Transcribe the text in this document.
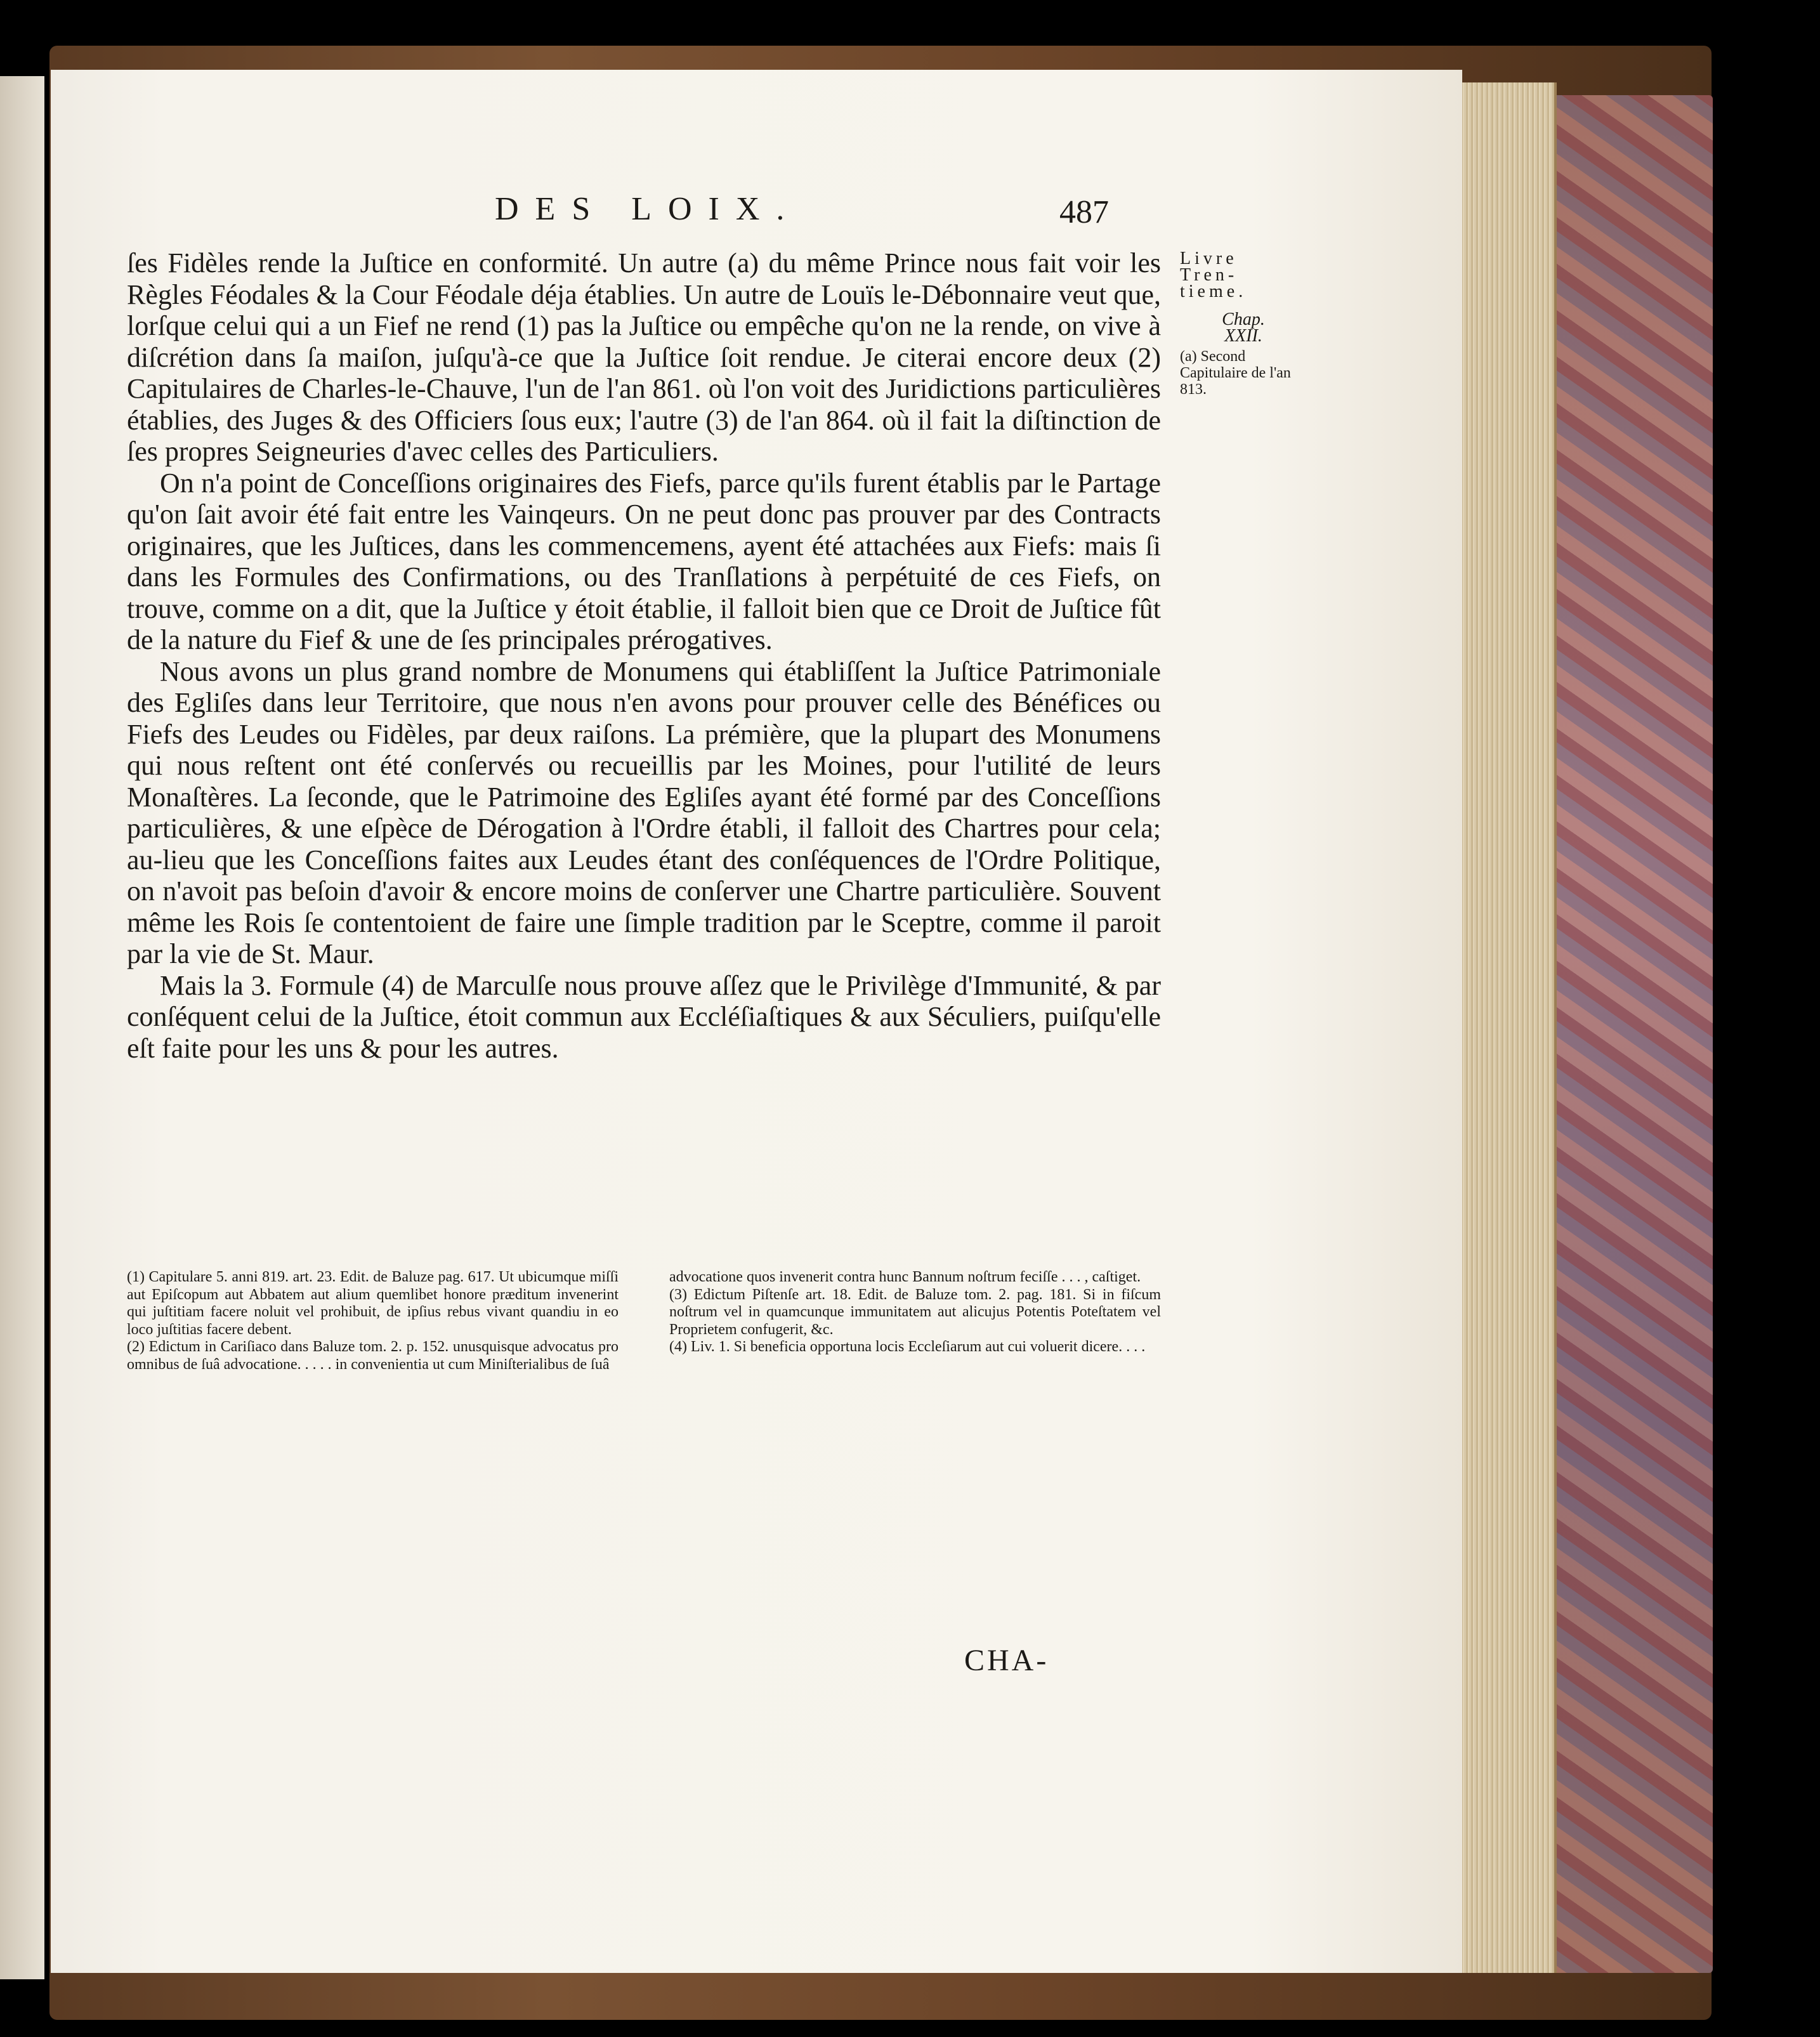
DES LOIX.	487

ſes Fidèles rende la Juſtice en conformité. Un autre (a) du même Prince nous fait voir les Règles Féodales & la Cour Féodale déja établies. Un autre de Louïs le-Débonnaire veut que, lorſque celui qui a un Fief ne rend (1) pas la Juſtice ou empêche qu'on ne la rende, on vive à diſcrétion dans ſa maiſon, juſqu'à-ce que la Juſtice ſoit rendue. Je citerai encore deux (2) Capitulaires de Charles-le-Chauve, l'un de l'an 861. où l'on voit des Juridictions particulières établies, des Juges & des Officiers ſous eux; l'autre (3) de l'an 864. où il fait la diſtinction de ſes propres Seigneuries d'avec celles des Particuliers.

On n'a point de Conceſſions originaires des Fiefs, parce qu'ils furent établis par le Partage qu'on ſait avoir été fait entre les Vainqeurs. On ne peut donc pas prouver par des Contracts originaires, que les Juſtices, dans les commencemens, ayent été attachées aux Fiefs: mais ſi dans les Formules des Confirmations, ou des Tranſlations à perpétuité de ces Fiefs, on trouve, comme on a dit, que la Juſtice y étoit établie, il falloit bien que ce Droit de Juſtice fût de la nature du Fief & une de ſes principales prérogatives.

Nous avons un plus grand nombre de Monumens qui établiſſent la Juſtice Patrimoniale des Egliſes dans leur Territoire, que nous n'en avons pour prouver celle des Bénéfices ou Fiefs des Leudes ou Fidèles, par deux raiſons. La prémière, que la plupart des Monumens qui nous reſtent ont été conſervés ou recueillis par les Moines, pour l'utilité de leurs Monaſtères. La ſeconde, que le Patrimoine des Egliſes ayant été formé par des Conceſſions particulières, & une eſpèce de Dérogation à l'Ordre établi, il falloit des Chartres pour cela; au-lieu que les Conceſſions faites aux Leudes étant des conſéquences de l'Ordre Politique, on n'avoit pas beſoin d'avoir & encore moins de conſerver une Chartre particulière. Souvent même les Rois ſe contentoient de faire une ſimple tradition par le Sceptre, comme il paroit par la vie de St. Maur.

Mais la 3. Formule (4) de Marculſe nous prouve aſſez que le Privilège d'Immunité, & par conſéquent celui de la Juſtice, étoit commun aux Eccléſiaſtiques & aux Séculiers, puiſqu'elle eſt faite pour les uns & pour les autres.

Livre
Tren-
tieme.
Chap.
XXII.
(a) Second Capitulaire de l'an 813.

(1) Capitulare 5. anni 819. art. 23. Edit. de Baluze pag. 617. Ut ubicumque miſſi aut Epiſcopum aut Abbatem aut alium quemlibet honore præditum invenerint qui juſtitiam facere noluit vel prohibuit, de ipſius rebus vivant quandiu in eo loco juſtitias facere debent.

(2) Edictum in Cariſiaco dans Baluze tom. 2. p. 152. unusquisque advocatus pro omnibus de ſuâ advocatione. . . . . in convenientia ut cum Miniſterialibus de ſuâ

advocatione quos invenerit contra hunc Bannum noſtrum feciſſe . . . , caſtiget.

(3) Edictum Piſtenſe art. 18. Edit. de Baluze tom. 2. pag. 181. Si in fiſcum noſtrum vel in quamcunque immunitatem aut alicujus Potentis Poteſtatem vel Proprietem confugerit, &c.

(4) Liv. 1. Si beneficia opportuna locis Eccleſiarum aut cui voluerit dicere. . . .

CHA-
